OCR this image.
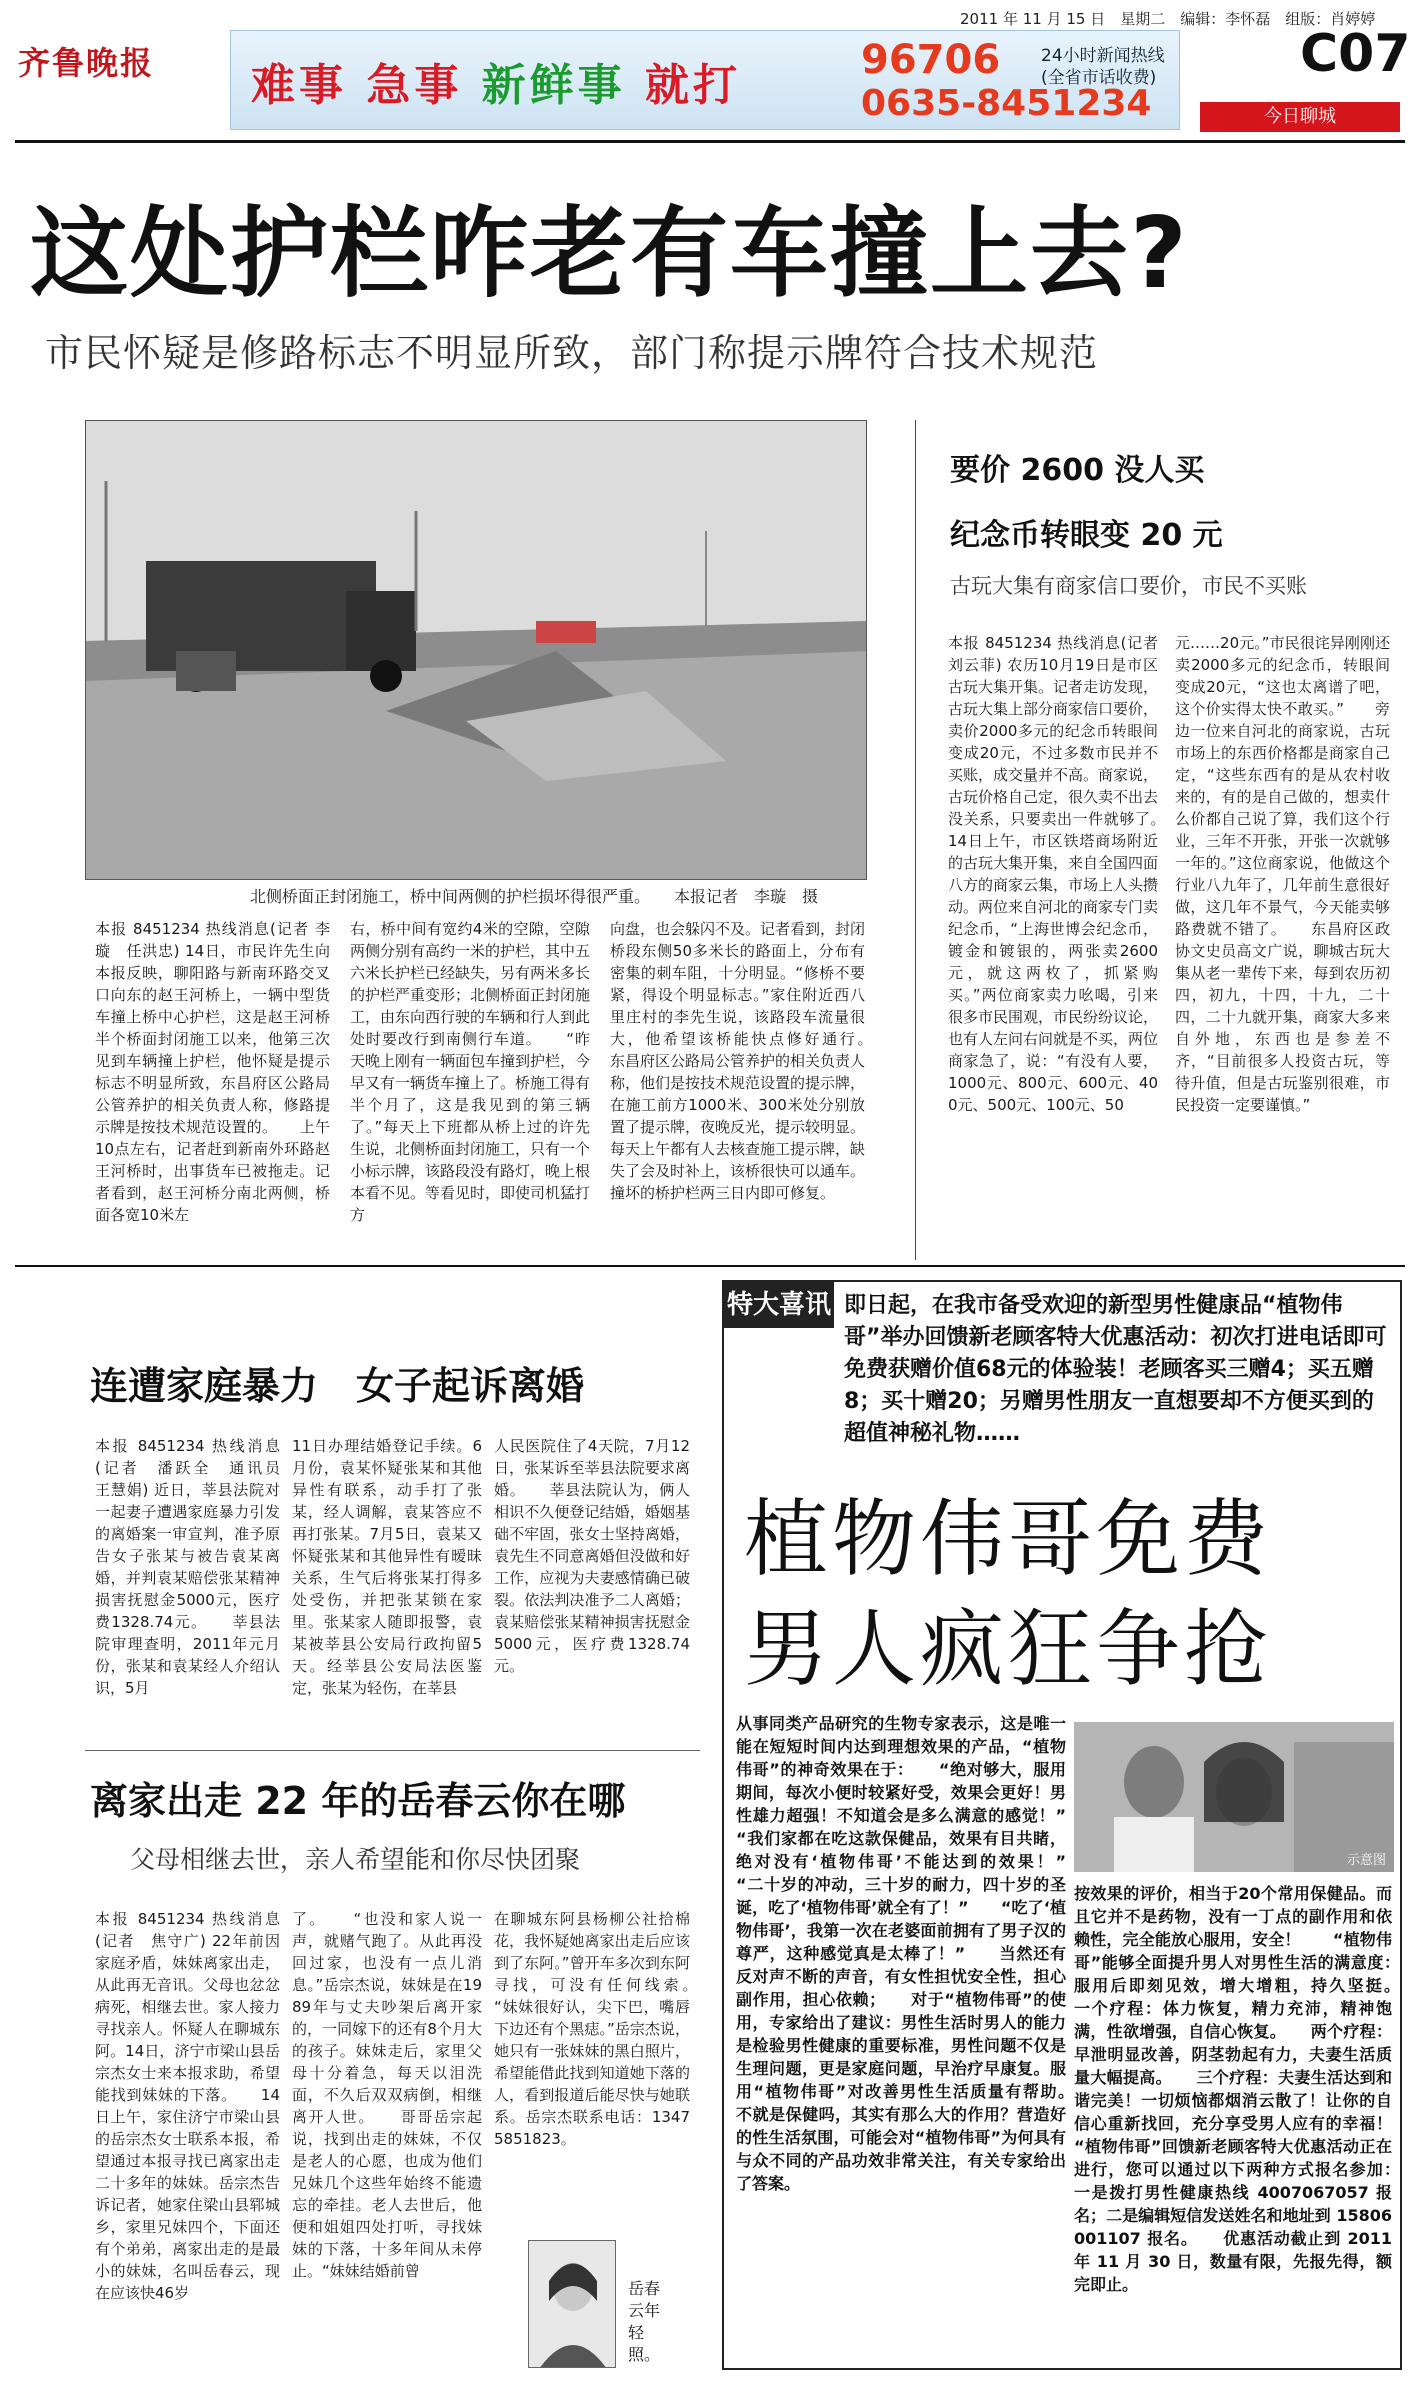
2011 年 11 月 15 日　星期二　编辑：李怀磊　组版：肖婷婷
齐鲁晚报 难事 急事 新鲜事 就打	96706
0635-8451234
24小时新闻热线
(全省市话收费)	C07
今日聊城
这处护栏咋老有车撞上去?
市民怀疑是修路标志不明显所致，部门称提示牌符合技术规范
北侧桥面正封闭施工，桥中间两侧的护栏损坏得很严重。　　本报记者　李璇　摄
本报 8451234 热线消息(记者 李璇　任洪忠) 14日，市民许先生向本报反映，聊阳路与新南环路交叉口向东的赵王河桥上，一辆中型货车撞上桥中心护栏，这是赵王河桥半个桥面封闭施工以来，他第三次见到车辆撞上护栏，他怀疑是提示标志不明显所致，东昌府区公路局公管养护的相关负责人称，修路提示牌是按技术规范设置的。　　上午10点左右，记者赶到新南外环路赵王河桥时，出事货车已被拖走。记者看到，赵王河桥分南北两侧，桥面各宽10米左
右，桥中间有宽约4米的空隙，空隙两侧分别有高约一米的护栏，其中五六米长护栏已经缺失，另有两米多长的护栏严重变形；北侧桥面正封闭施工，由东向西行驶的车辆和行人到此处时要改行到南侧行车道。　　“昨天晚上刚有一辆面包车撞到护栏，今早又有一辆货车撞上了。桥施工得有半个月了，这是我见到的第三辆了。”每天上下班都从桥上过的许先生说，北侧桥面封闭施工，只有一个小标示牌，该路段没有路灯，晚上根本看不见。等看见时，即使司机猛打方
向盘，也会躲闪不及。记者看到，封闭桥段东侧50多米长的路面上，分布有密集的刺车阻，十分明显。“修桥不要紧，得设个明显标志。”家住附近西八里庄村的李先生说，该路段车流量很大，他希望该桥能快点修好通行。　　东昌府区公路局公管养护的相关负责人称，他们是按技术规范设置的提示牌，在施工前方1000米、300米处分别放置了提示牌，夜晚反光，提示较明显。每天上午都有人去核查施工提示牌，缺失了会及时补上，该桥很快可以通车。撞坏的桥护栏两三日内即可修复。
要价 2600 没人买
纪念币转眼变 20 元
古玩大集有商家信口要价，市民不买账
本报 8451234 热线消息(记者　刘云菲) 农历10月19日是市区古玩大集开集。记者走访发现，古玩大集上部分商家信口要价，卖价2000多元的纪念币转眼间变成20元，不过多数市民并不买账，成交量并不高。商家说，古玩价格自己定，很久卖不出去没关系，只要卖出一件就够了。　　14日上午，市区铁塔商场附近的古玩大集开集，来自全国四面八方的商家云集，市场上人头攒动。两位来自河北的商家专门卖纪念币，“上海世博会纪念币，镀金和镀银的，两张卖2600元，就这两枚了，抓紧购买。”两位商家卖力吆喝，引来很多市民围观，市民纷纷议论，也有人左问右问就是不买，两位商家急了，说：“有没有人要，1000元、800元、600元、400元、500元、100元、50
元……20元。”市民很诧异刚刚还卖2000多元的纪念币，转眼间变成20元，“这也太离谱了吧，这个价实得太快不敢买。”　　旁边一位来自河北的商家说，古玩市场上的东西价格都是商家自己定，“这些东西有的是从农村收来的，有的是自己做的，想卖什么价都自己说了算，我们这个行业，三年不开张，开张一次就够一年的。”这位商家说，他做这个行业八九年了，几年前生意很好做，这几年不景气，今天能卖够路费就不错了。　　东昌府区政协文史员高文广说，聊城古玩大集从老一辈传下来，每到农历初四，初九，十四，十九，二十四，二十九就开集，商家大多来自外地，东西也是参差不齐，“目前很多人投资古玩，等待升值，但是古玩鉴别很难，市民投资一定要谨慎。”
连遭家庭暴力　女子起诉离婚
本报 8451234 热线消息(记者　潘跃全　通讯员　王慧娟) 近日，莘县法院对一起妻子遭遇家庭暴力引发的离婚案一审宣判，准予原告女子张某与被告袁某离婚，并判袁某赔偿张某精神损害抚慰金5000元，医疗费1328.74元。　　莘县法院审理查明，2011年元月份，张某和袁某经人介绍认识，5月
11日办理结婚登记手续。6月份，袁某怀疑张某和其他异性有联系，动手打了张某，经人调解，袁某答应不再打张某。7月5日，袁某又怀疑张某和其他异性有暧昧关系，生气后将张某打得多处受伤，并把张某锁在家里。张某家人随即报警，袁某被莘县公安局行政拘留5天。经莘县公安局法医鉴定，张某为轻伤，在莘县
人民医院住了4天院，7月12日，张某诉至莘县法院要求离婚。　　莘县法院认为，俩人相识不久便登记结婚，婚姻基础不牢固，张女士坚持离婚，袁先生不同意离婚但没做和好工作，应视为夫妻感情确已破裂。依法判决准予二人离婚；袁某赔偿张某精神损害抚慰金5000元，医疗费1328.74元。
离家出走 22 年的岳春云你在哪
父母相继去世，亲人希望能和你尽快团聚
本报 8451234 热线消息(记者　焦守广) 22年前因家庭矛盾，妹妹离家出走，从此再无音讯。父母也忿忿病死，相继去世。家人接力寻找亲人。怀疑人在聊城东阿。14日，济宁市梁山县岳宗杰女士来本报求助，希望能找到妹妹的下落。　　14日上午，家住济宁市梁山县的岳宗杰女士联系本报，希望通过本报寻找已离家出走二十多年的妹妹。岳宗杰告诉记者，她家住梁山县郓城乡，家里兄妹四个，下面还有个弟弟，离家出走的是最小的妹妹，名叫岳春云，现在应该快46岁
了。　　“也没和家人说一声，就赌气跑了。从此再没回过家，也没有一点儿消息。”岳宗杰说，妹妹是在1989年与丈夫吵架后离开家的，一同嫁下的还有8个月大的孩子。妹妹走后，家里父母十分着急，每天以泪洗面，不久后双双病倒，相继离开人世。　　哥哥岳宗起说，找到出走的妹妹，不仅是老人的心愿，也成为他们兄妹几个这些年始终不能遗忘的牵挂。老人去世后，他便和姐姐四处打听，寻找妹妹的下落，十多年间从未停止。“妹妹结婚前曾
在聊城东阿县杨柳公社拾棉花，我怀疑她离家出走后应该到了东阿。”曾开车多次到东阿寻找，可没有任何线索。　　“妹妹很好认，尖下巴，嘴唇下边还有个黑痣。”岳宗杰说，她只有一张妹妹的黑白照片，希望能借此找到知道她下落的人，看到报道后能尽快与她联系。岳宗杰联系电话：13475851823。
岳春云年轻照。
特大喜讯 即日起，在我市备受欢迎的新型男性健康品“植物伟哥”举办回馈新老顾客特大优惠活动：初次打进电话即可免费获赠价值68元的体验装！老顾客买三赠4；买五赠8；买十赠20；另赠男性朋友一直想要却不方便买到的超值神秘礼物……
植物伟哥免费
男人疯狂争抢
从事同类产品研究的生物专家表示，这是唯一能在短短时间内达到理想效果的产品，“植物伟哥”的神奇效果在于：　　“绝对够大，服用期间，每次小便时较紧好受，效果会更好！男性雄力超强！不知道会是多么满意的感觉！”　　“我们家都在吃这款保健品，效果有目共睹，绝对没有‘植物伟哥’不能达到的效果！”　　“二十岁的冲动，三十岁的耐力，四十岁的圣诞，吃了‘植物伟哥’就全有了！”　　“吃了‘植物伟哥’，我第一次在老婆面前拥有了男子汉的尊严，这种感觉真是太棒了！”　　当然还有反对声不断的声音，有女性担忧安全性，担心副作用，担心依赖；　　对于“植物伟哥”的使用，专家给出了建议：男性生活时男人的能力是检验男性健康的重要标准，男性问题不仅是生理问题，更是家庭问题，早治疗早康复。服用“植物伟哥”对改善男性生活质量有帮助。　　不就是保健吗，其实有那么大的作用？营造好的性生活氛围，可能会对“植物伟哥”为何具有与众不同的产品功效非常关注，有关专家给出了答案。
示意图
按效果的评价，相当于20个常用保健品。而且它并不是药物，没有一丁点的副作用和依赖性，完全能放心服用，安全！　　“植物伟哥”能够全面提升男人对男性生活的满意度：　　服用后即刻见效，增大增粗，持久坚挺。　　一个疗程：体力恢复，精力充沛，精神饱满，性欲增强，自信心恢复。　　两个疗程：早泄明显改善，阴茎勃起有力，夫妻生活质量大幅提高。　　三个疗程：夫妻生活达到和谐完美！一切烦恼都烟消云散了！让你的自信心重新找回，充分享受男人应有的幸福！　　“植物伟哥”回馈新老顾客特大优惠活动正在进行，您可以通过以下两种方式报名参加：　　一是拨打男性健康热线 4007067057 报名；二是编辑短信发送姓名和地址到 15806001107 报名。　　优惠活动截止到 2011 年 11 月 30 日，数量有限，先报先得，额完即止。
